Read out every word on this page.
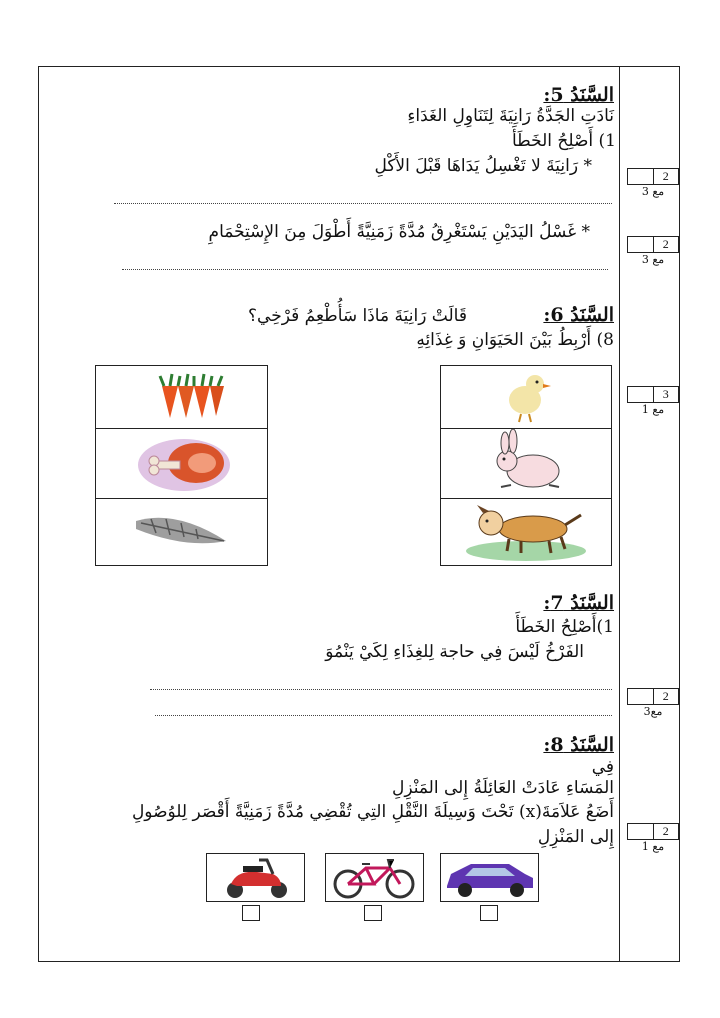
السَّنَدُ 5:
نَادَتِ الجَدَّةُ رَانِيَةَ لِتَنَاوِلِ الغَدَاءِ
1) أَصْلِحُ الخَطَأَ
* رَانِيَةَ لا تَغْسِلُ يَدَاهَا قَبْلَ الأَكْلِ
* غَسْلُ اليَدَيْنِ يَسْتَغْرِقُ مُدَّةً زَمَنِيَّةً أَطْوَلَ مِنَ الإِسْتِحْمَامِ
السَّنَدُ 6:
قَالَتْ رَانِيَةَ مَاذَا سَأُطْعِمُ فَرْخِي؟
8) أَرْبِطُ بَيْنَ الحَيَوَانِ وَ غِذَائِهِ
السَّنَدُ 7:
1)أَصْلِحُ الخَطَأَ
الفَرْخُ لَيْسَ فِي حاجة لِلغِذَاءِ لِكَيْ يَنْمُوَ
السَّنَدُ 8:
فِي
المَسَاءِ عَادَتْ العَائِلَةُ إِلى المَنْزِلِ
أَضَعُ عَلاَمَةَ(x) تَحْتَ وَسِيلَةَ النَّقْلِ التِي تُقْضِي مُدَّةً زَمَنِيَّةً أَقْصَر لِلوُصُولِ
إِلى المَنْزِلِ
2
مع 3
2
مع 3
3
مع 1
2
مع3
2
مع 1
